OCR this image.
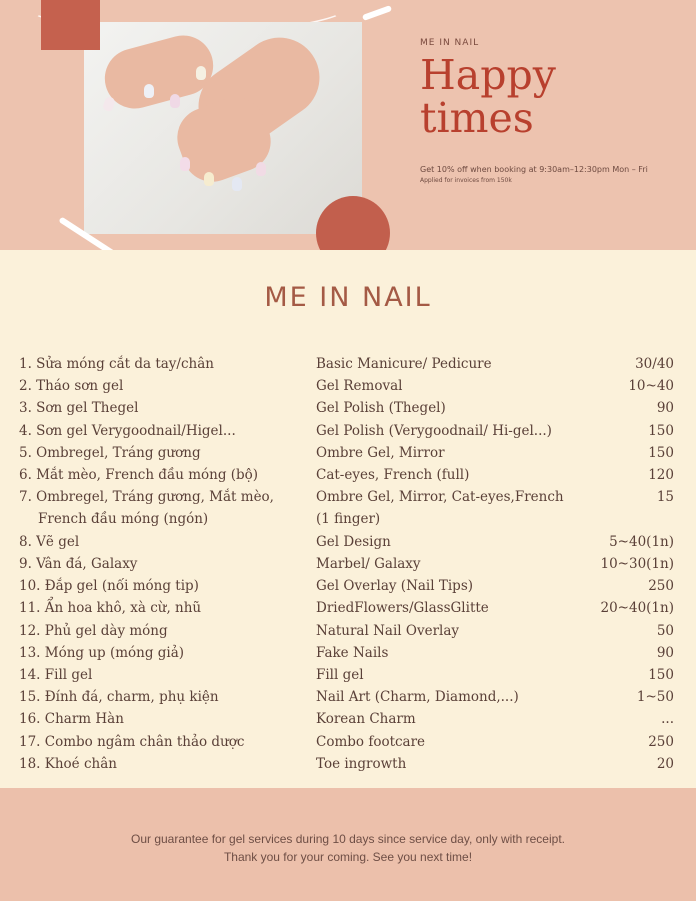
ME IN NAIL
Happy
times
Get 10% off when booking at 9:30am–12:30pm Mon – Fri
Applied for invoices from 150k
ME IN NAIL
1. Sửa móng cắt da tay/chân	Basic Manicure/ Pedicure	30/40
2. Tháo sơn gel	Gel Removal	10~40
3. Sơn gel Thegel	Gel Polish (Thegel)	90
4. Sơn gel Verygoodnail/Higel...	Gel Polish (Verygoodnail/ Hi-gel...)	150
5. Ombregel, Tráng gương	Ombre Gel, Mirror	150
6. Mắt mèo, French đầu móng (bộ)	Cat-eyes, French (full)	120
7. Ombregel, Tráng gương, Mắt mèo,	Ombre Gel, Mirror, Cat-eyes,French	15
French đầu móng (ngón)	(1 finger)
8. Vẽ gel	Gel Design	5~40(1n)
9. Vân đá, Galaxy	Marbel/ Galaxy	10~30(1n)
10. Đắp gel (nối móng tip)	Gel Overlay (Nail Tips)	250
11. Ẩn hoa khô, xà cừ, nhũ	DriedFlowers/GlassGlitte	20~40(1n)
12. Phủ gel dày móng	Natural Nail Overlay	50
13. Móng up (móng giả)	Fake Nails	90
14. Fill gel	Fill gel	150
15. Đính đá, charm, phụ kiện	Nail Art (Charm, Diamond,...)	1~50
16. Charm Hàn	Korean Charm	...
17. Combo ngâm chân thảo dược	Combo footcare	250
18. Khoé chân	Toe ingrowth	20
Our guarantee for gel services during 10 days since service day, only with receipt.
Thank you for your coming. See you next time!
